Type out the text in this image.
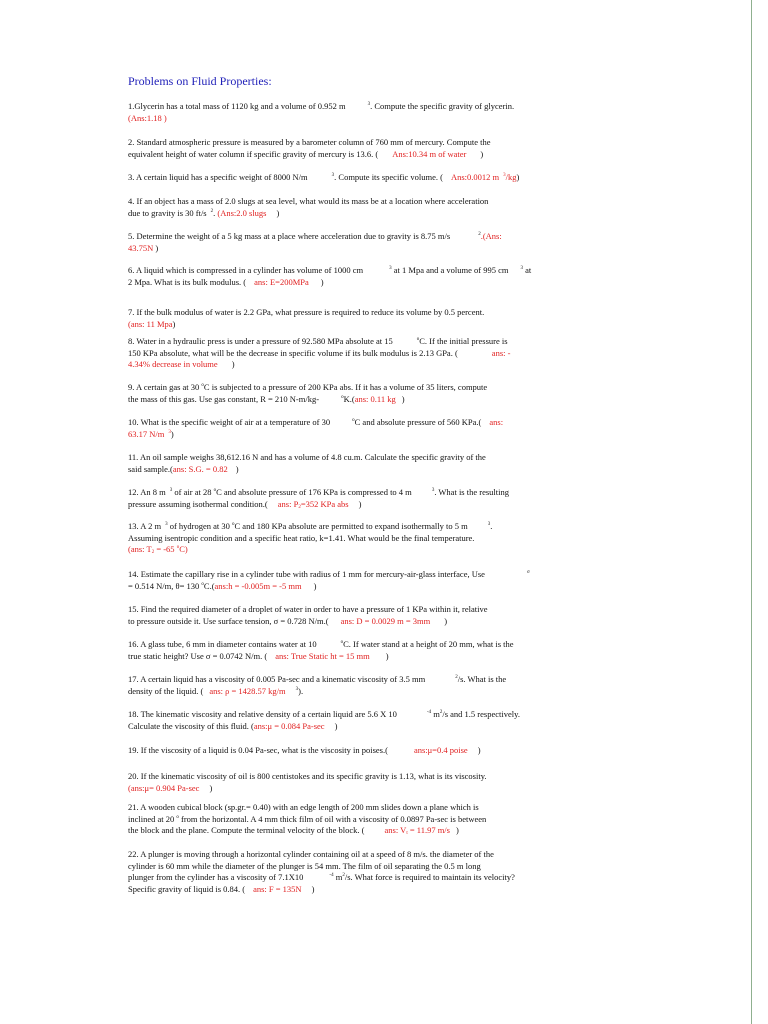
Problems on Fluid Properties:
1.Glycerin has a total mass of 1120 kg and a volume of 0.952 m	$^3$. Compute the specific gravity of glycerin.
(Ans:1.18 )
2. Standard atmospheric pressure is measured by a barometer column of 760 mm of mercury. Compute the
equivalent height of water column if specific gravity of mercury is 13.6. ( Ans:10.34 m of water )
3. A certain liquid has a specific weight of 8000 N/m	$^3$. Compute its specific volume. ( Ans:0.0012 m $^3$/kg)
4. If an object has a mass of 2.0 slugs at sea level, what would its mass be at a location where acceleration
due to gravity is 30 ft/s $^2$. (Ans:2.0 slugs )
5. Determine the weight of a 5 kg mass at a place where acceleration due to gravity is 8.75 m/s	$^2$.(Ans:
43.75N )
6. A liquid which is compressed in a cylinder has volume of 1000 cm	$^3$ at 1 Mpa and a volume of 995 cm $^3$ at
2 Mpa. What is its bulk modulus. ( ans: E=200MPa )
7. If the bulk modulus of water is 2.2 GPa, what pressure is required to reduce its volume by 0.5 percent.
(ans: 11 Mpa)
8. Water in a hydraulic press is under a pressure of 92.580 MPa absolute at 15	$^o$C. If the initial pressure is
150 KPa absolute, what will be the decrease in specific volume if its bulk modulus is 2.13 GPa. (	ans: -
4.34% decrease in volume )
9. A certain gas at 30 $^o$C is subjected to a pressure of 200 KPa abs. If it has a volume of 35 liters, compute
the mass of this gas. Use gas constant, R = 210 N-m/kg-	$^o$K.(ans: 0.11 kg )
10. What is the specific weight of air at a temperature of 30	$^o$C and absolute pressure of 560 KPa.( ans:
63.17 N/m $^3$)
11. An oil sample weighs 38,612.16 N and has a volume of 4.8 cu.m. Calculate the specific gravity of the
said sample.(ans: S.G. = 0.82 )
12. An 8 m $^3$ of air at 28 $^o$C and absolute pressure of 176 KPa is compressed to 4 m	$^3$. What is the resulting
pressure assuming isothermal condition.( ans: $P_2=352$ KPa abs )
13. A 2 m $^3$ of hydrogen at 30 $^o$C and 180 KPa absolute are permitted to expand isothermally to 5 m	$^3$.
Assuming isentropic condition and a specific heat ratio, k=1.41. What would be the final temperature.
(ans: $T_2 = -65$ $^o$C)
14. Estimate the capillary rise in a cylinder tube with radius of 1 mm for mercury-air-glass interface, Use	$^\sigma$
= 0.514 N/m, θ= 130 $^o$C.(ans:h = -0.005m = -5 mm )
15. Find the required diameter of a droplet of water in order to have a pressure of 1 KPa within it, relative
to pressure outside it. Use surface tension, σ = 0.728 N/m.( ans: D = 0.0029 m = 3mm )
16. A glass tube, 6 mm in diameter contains water at 10	$^o$C. If water stand at a height of 20 mm, what is the
true static height? Use σ = 0.0742 N/m. ( ans: True Static ht = 15 mm )
17. A certain liquid has a viscosity of 0.005 Pa-sec and a kinematic viscosity of 3.5 mm	$^2$/s. What is the
density of the liquid. ( ans: ρ = 1428.57 kg/m $^3$).
18. The kinematic viscosity and relative density of a certain liquid are 5.6 X 10	$^{-4}$ $m^2/s$ and 1.5 respectively.
Calculate the viscosity of this fluid. (ans:μ = 0.084 Pa-sec )
19. If the viscosity of a liquid is 0.04 Pa-sec, what is the viscosity in poises.(	ans:μ=0.4 poise )
20. If the kinematic viscosity of oil is 800 centistokes and its specific gravity is 1.13, what is its viscosity.
(ans:μ= 0.904 Pa-sec )
21. A wooden cubical block (sp.gr.= 0.40) with an edge length of 200 mm slides down a plane which is
inclined at 20 $^o$ from the horizontal. A 4 mm thick film of oil with a viscosity of 0.0897 Pa-sec is between
the block and the plane. Compute the terminal velocity of the block. ( ans: $V_t = 11.97$ m/s )
22. A plunger is moving through a horizontal cylinder containing oil at a speed of 8 m/s. the diameter of the
cylinder is 60 mm while the diameter of the plunger is 54 mm. The film of oil separating the 0.5 m long
plunger from the cylinder has a viscosity of 7.1X10	$^{-4}$ $m^2/s$. What force is required to maintain its velocity?
Specific gravity of liquid is 0.84. ( ans: F = 135N )
